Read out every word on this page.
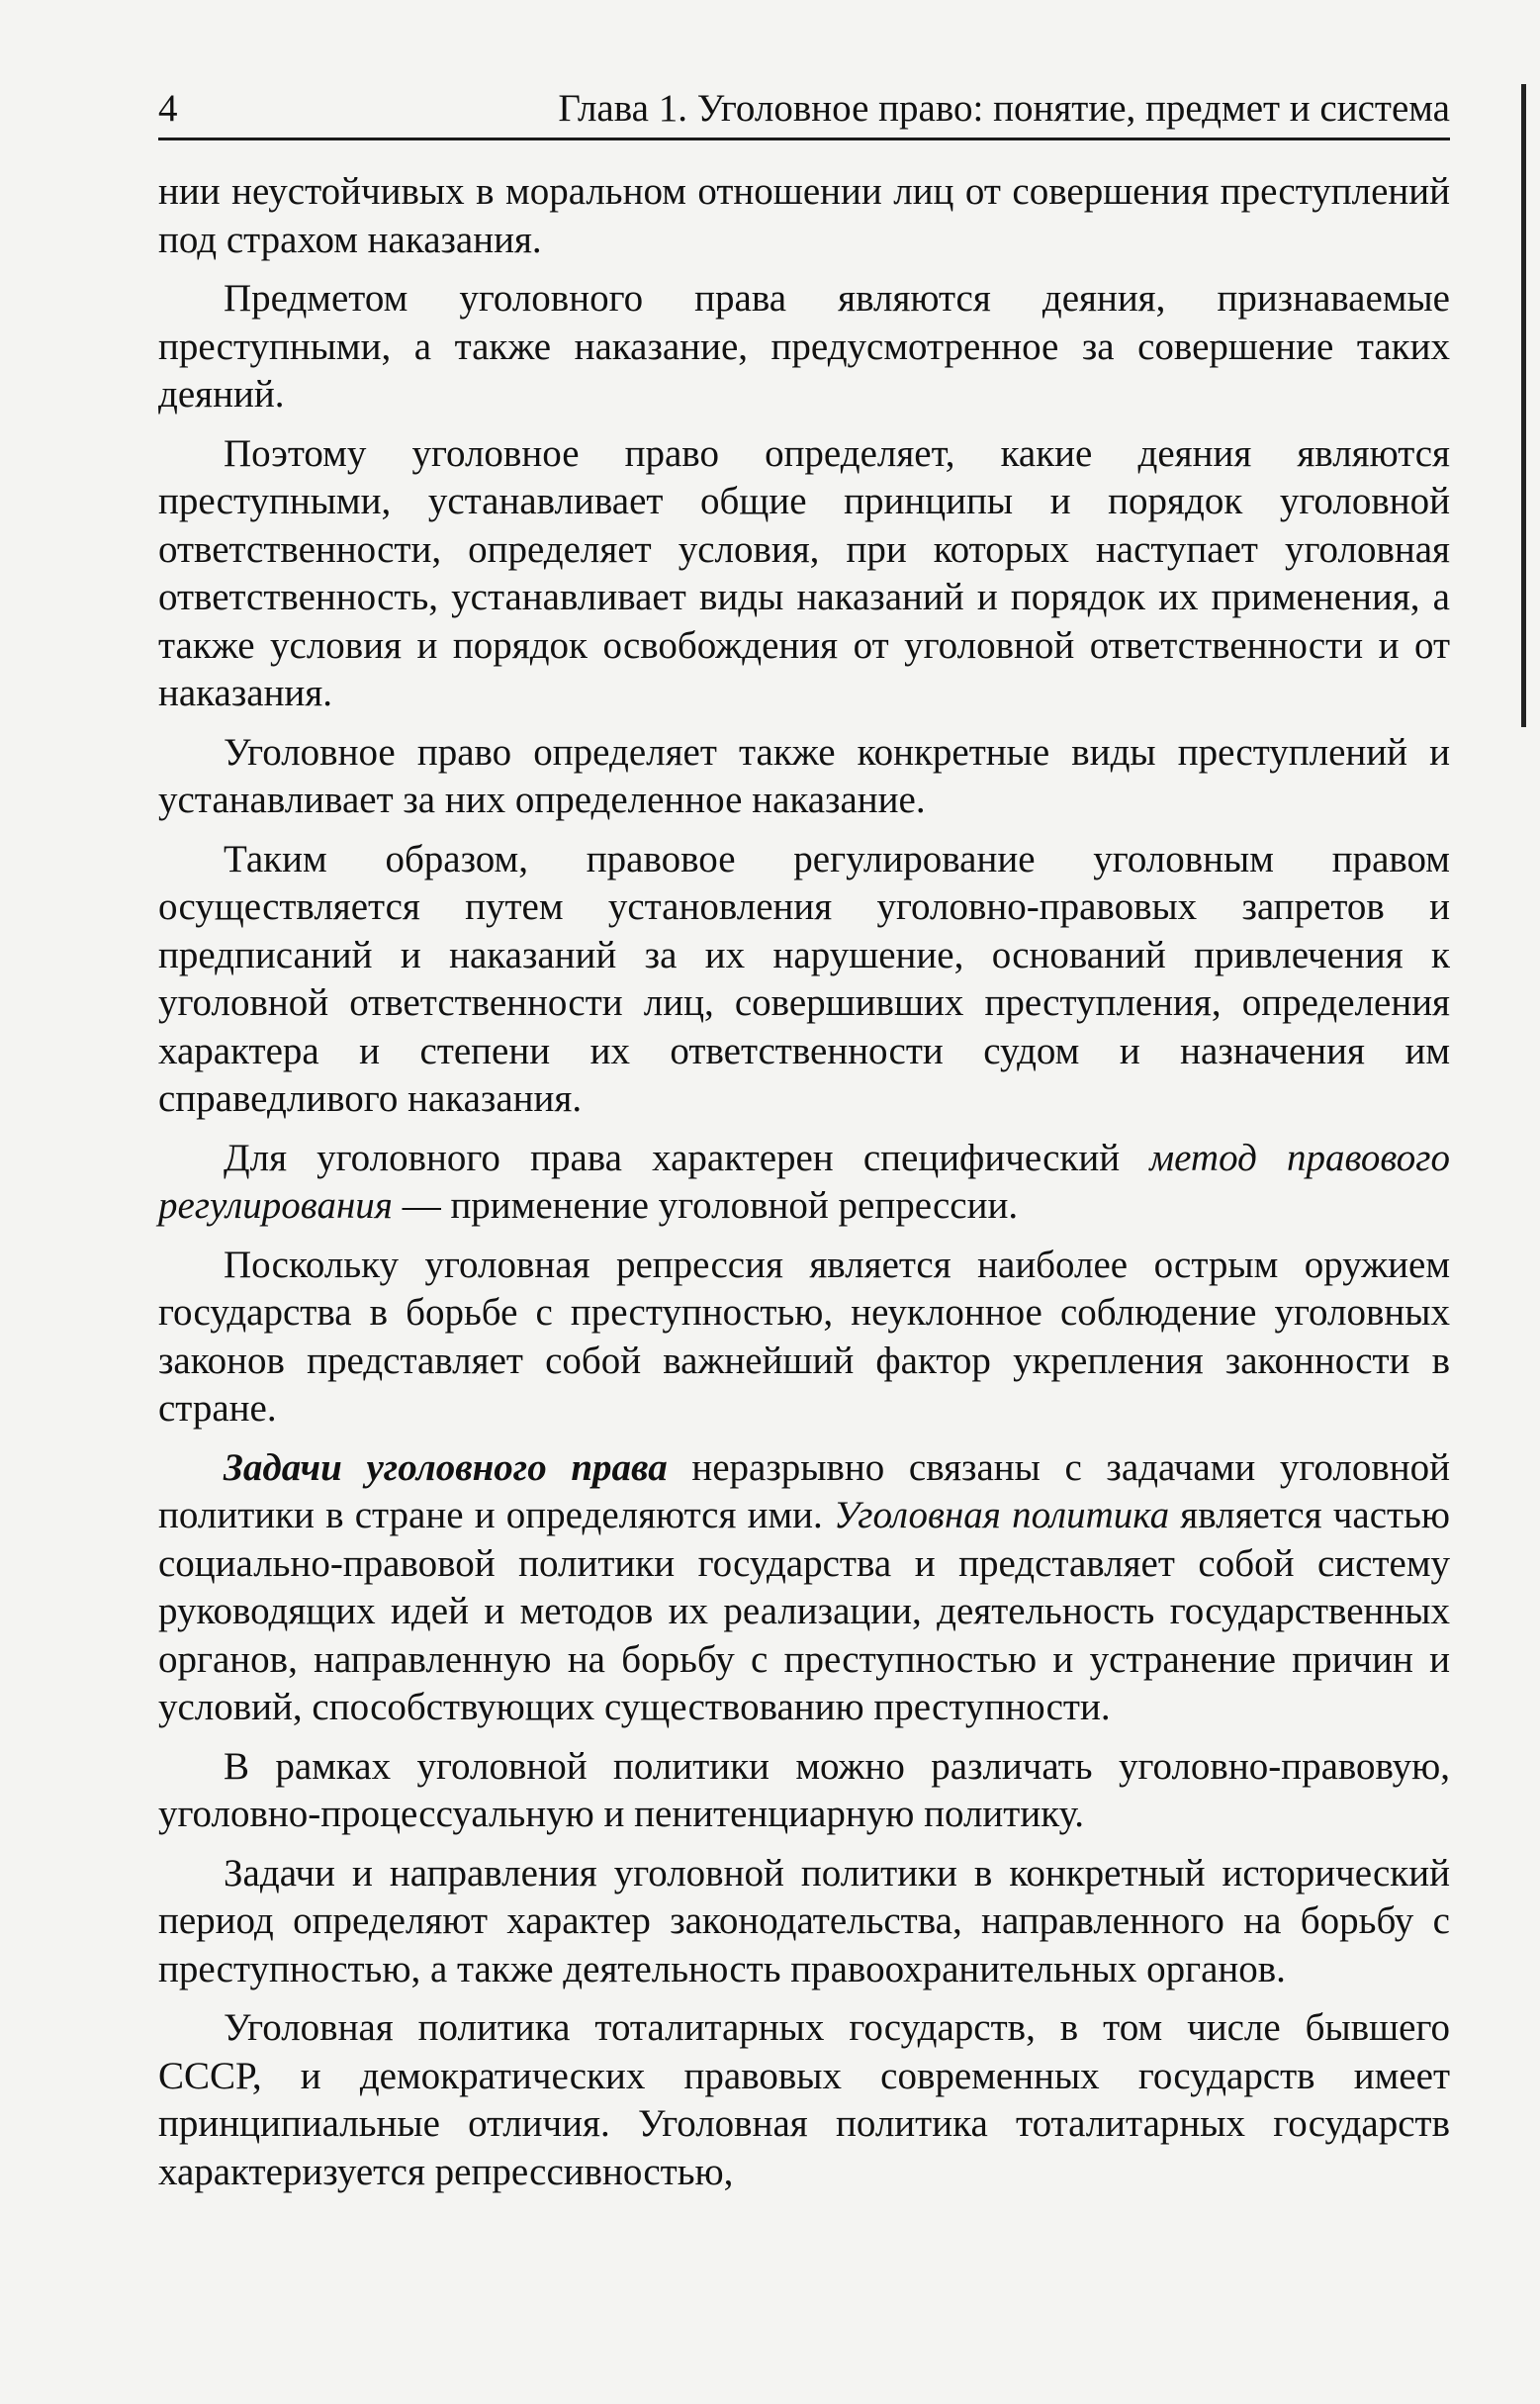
4	Глава 1. Уголовное право: понятие, предмет и система

нии неустойчивых в моральном отношении лиц от совершения преступлений под страхом наказания.

Предметом уголовного права являются деяния, признаваемые преступными, а также наказание, предусмотренное за совершение таких деяний.

Поэтому уголовное право определяет, какие деяния являются преступными, устанавливает общие принципы и порядок уголовной ответственности, определяет условия, при которых наступает уголовная ответственность, устанавливает виды наказаний и порядок их применения, а также условия и порядок освобождения от уголовной ответственности и от наказания.

Уголовное право определяет также конкретные виды преступлений и устанавливает за них определенное наказание.

Таким образом, правовое регулирование уголовным правом осуществляется путем установления уголовно-правовых запретов и предписаний и наказаний за их нарушение, оснований привлечения к уголовной ответственности лиц, совершивших преступления, определения характера и степени их ответственности судом и назначения им справедливого наказания.

Для уголовного права характерен специфический метод правового регулирования — применение уголовной репрессии.

Поскольку уголовная репрессия является наиболее острым оружием государства в борьбе с преступностью, неуклонное соблюдение уголовных законов представляет собой важнейший фактор укрепления законности в стране.

Задачи уголовного права неразрывно связаны с задачами уголовной политики в стране и определяются ими. Уголовная политика является частью социально-правовой политики государства и представляет собой систему руководящих идей и методов их реализации, деятельность государственных органов, направленную на борьбу с преступностью и устранение причин и условий, способствующих существованию преступности.

В рамках уголовной политики можно различать уголовно-правовую, уголовно-процессуальную и пенитенциарную политику.

Задачи и направления уголовной политики в конкретный исторический период определяют характер законодательства, направленного на борьбу с преступностью, а также деятельность правоохранительных органов.

Уголовная политика тоталитарных государств, в том числе бывшего СССР, и демократических правовых современных государств имеет принципиальные отличия. Уголовная политика тоталитарных государств характеризуется репрессивностью,
